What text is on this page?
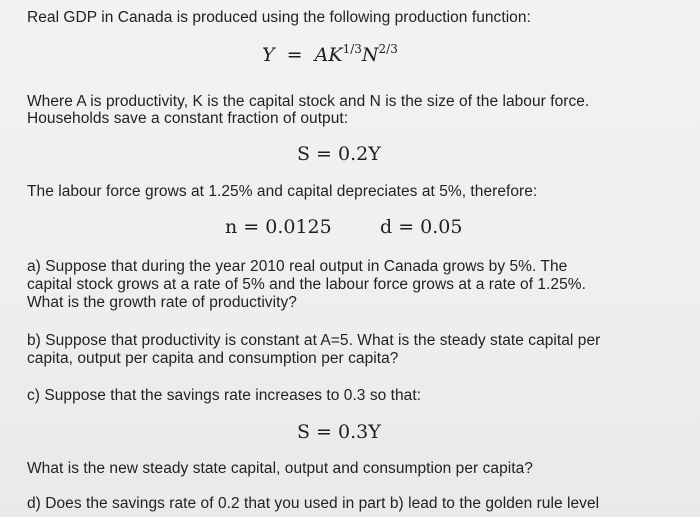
Real GDP in Canada is produced using the following production function:
$Y = AK^{1/3}N^{2/3}$
Where A is productivity, K is the capital stock and N is the size of the labour force.
Households save a constant fraction of output:
S = 0.2Y
The labour force grows at 1.25% and capital depreciates at 5%, therefore:
n = 0.0125	d = 0.05
a) Suppose that during the year 2010 real output in Canada grows by 5%. The
capital stock grows at a rate of 5% and the labour force grows at a rate of 1.25%.
What is the growth rate of productivity?
b) Suppose that productivity is constant at A=5. What is the steady state capital per
capita, output per capita and consumption per capita?
c) Suppose that the savings rate increases to 0.3 so that:
S = 0.3Y
What is the new steady state capital, output and consumption per capita?
d) Does the savings rate of 0.2 that you used in part b) lead to the golden rule level
